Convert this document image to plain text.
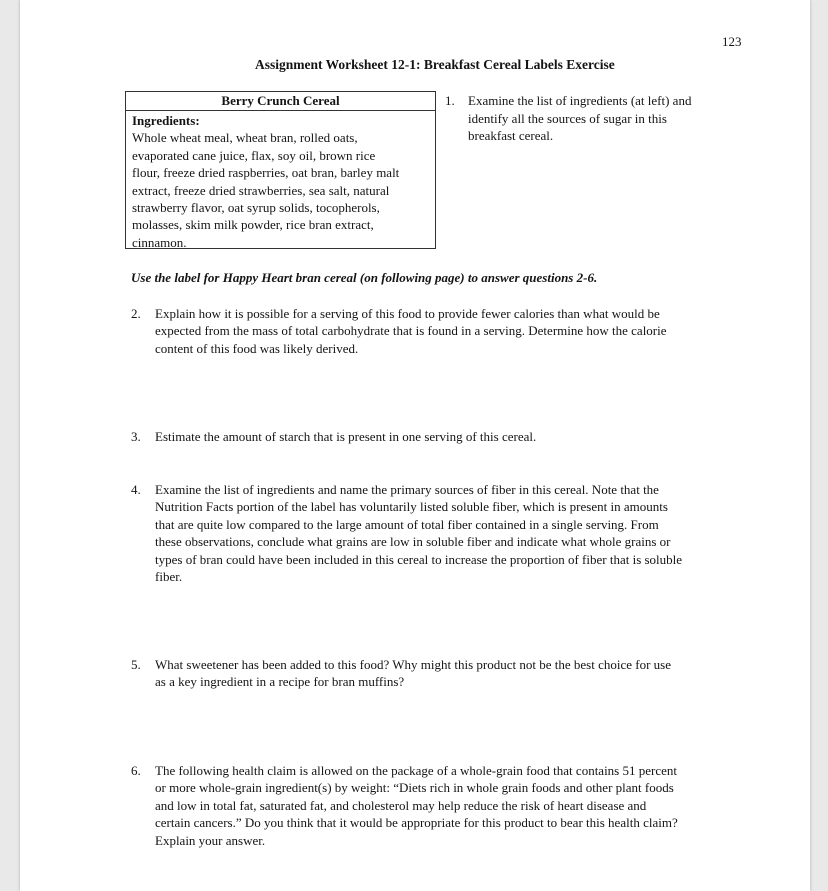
123
Assignment Worksheet 12-1: Breakfast Cereal Labels Exercise
Berry Crunch Cereal
Ingredients:
Whole wheat meal, wheat bran, rolled oats,
evaporated cane juice, flax, soy oil, brown rice
flour, freeze dried raspberries, oat bran, barley malt
extract, freeze dried strawberries, sea salt, natural
strawberry flavor, oat syrup solids, tocopherols,
molasses, skim milk powder, rice bran extract,
cinnamon.
1. Examine the list of ingredients (at left) and
identify all the sources of sugar in this
breakfast cereal.
Use the label for Happy Heart bran cereal (on following page) to answer questions 2-6.
2. Explain how it is possible for a serving of this food to provide fewer calories than what would be
expected from the mass of total carbohydrate that is found in a serving. Determine how the calorie
content of this food was likely derived.
3. Estimate the amount of starch that is present in one serving of this cereal.
4. Examine the list of ingredients and name the primary sources of fiber in this cereal. Note that the
Nutrition Facts portion of the label has voluntarily listed soluble fiber, which is present in amounts
that are quite low compared to the large amount of total fiber contained in a single serving. From
these observations, conclude what grains are low in soluble fiber and indicate what whole grains or
types of bran could have been included in this cereal to increase the proportion of fiber that is soluble
fiber.
5. What sweetener has been added to this food? Why might this product not be the best choice for use
as a key ingredient in a recipe for bran muffins?
6. The following health claim is allowed on the package of a whole-grain food that contains 51 percent
or more whole-grain ingredient(s) by weight: “Diets rich in whole grain foods and other plant foods
and low in total fat, saturated fat, and cholesterol may help reduce the risk of heart disease and
certain cancers.” Do you think that it would be appropriate for this product to bear this health claim?
Explain your answer.
